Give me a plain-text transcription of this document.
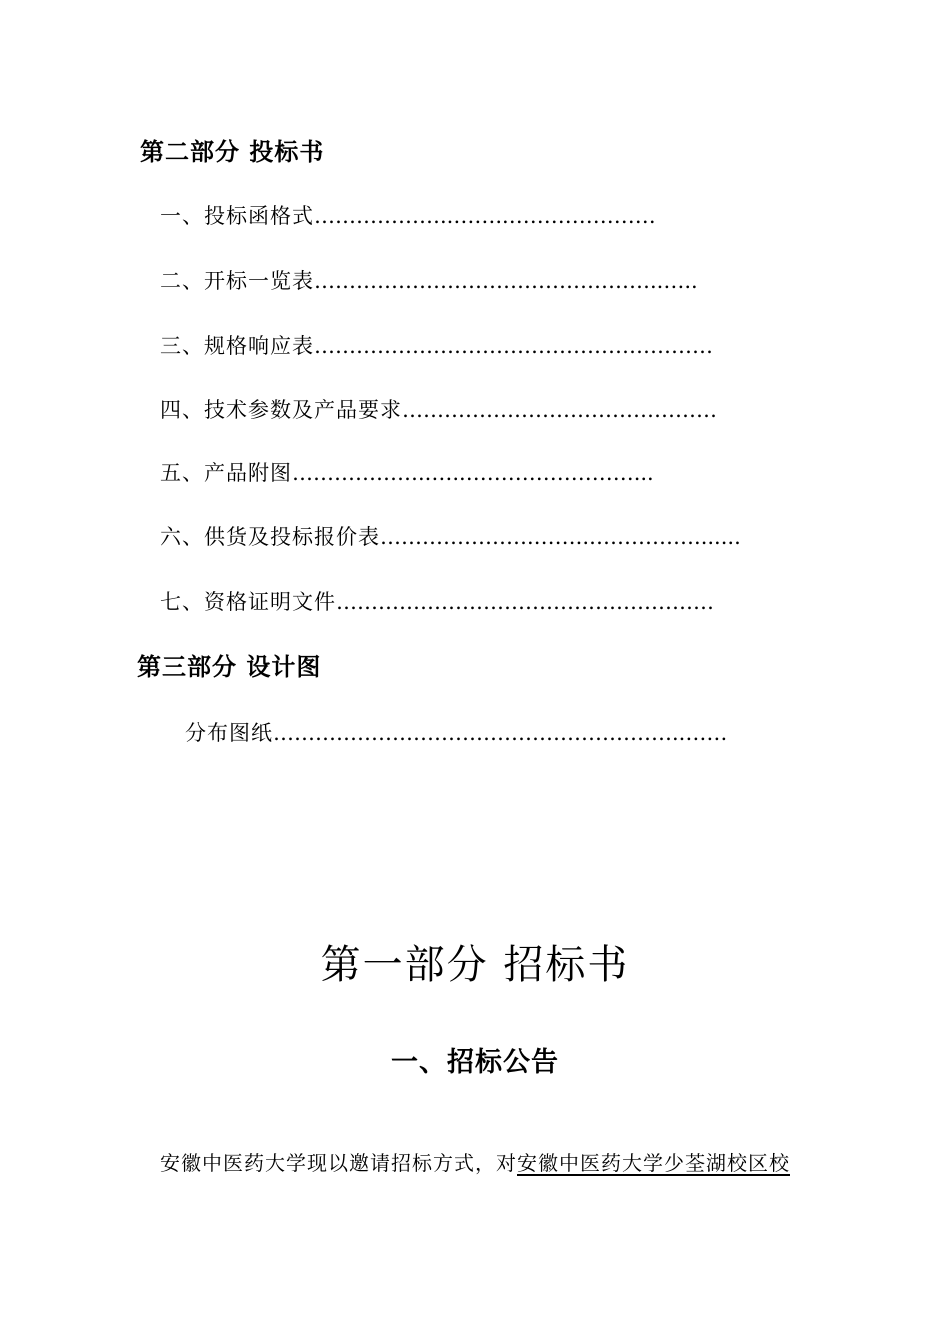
第二部分 投标书
一、投标函格式………………..……..…………………
二、开标一览表…………………………………………..…..
三、规格响应表…………………………………………………
四、技术参数及产品要求………………………………………
五、产品附图………………..…..……………………...
六、供货及投标报价表………………….……..…………….......
七、资格证明文件………………………………………………
第三部分 设计图
分布图纸…………………………………………………..……
第一部分 招标书
一、招标公告
安徽中医药大学现以邀请招标方式，对安徽中医药大学少荃湖校区校
